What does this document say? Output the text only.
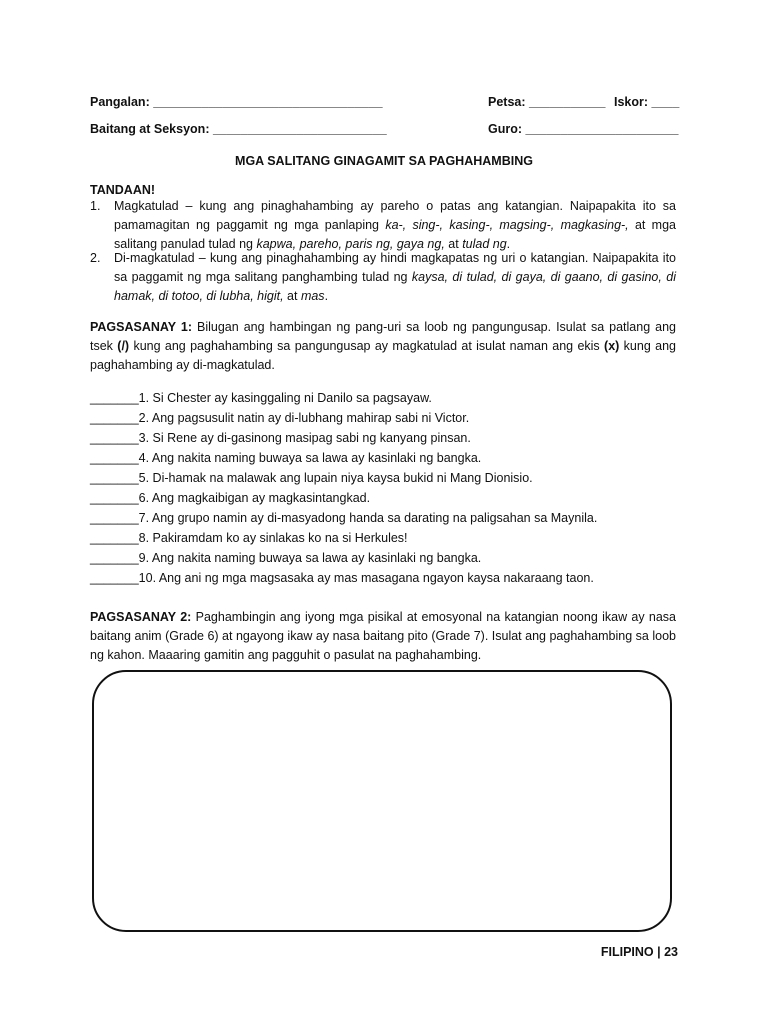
Pangalan: _________________________________	Petsa: ___________ Iskor: ____
Baitang at Seksyon: _________________________	Guro: ______________________
MGA SALITANG GINAGAMIT SA PAGHAHAMBING
TANDAAN!
1.	Magkatulad – kung ang pinaghahambing ay pareho o patas ang katangian. Naipapakita ito sa pamamagitan ng paggamit ng mga panlaping ka-, sing-, kasing-, magsing-, magkasing-, at mga salitang panulad tulad ng kapwa, pareho, paris ng, gaya ng, at tulad ng.
2.	Di-magkatulad – kung ang pinaghahambing ay hindi magkapatas ng uri o katangian. Naipapakita ito sa paggamit ng mga salitang panghambing tulad ng kaysa, di tulad, di gaya, di gaano, di gasino, di hamak, di totoo, di lubha, higit, at mas.
PAGSASANAY 1: Bilugan ang hambingan ng pang-uri sa loob ng pangungusap. Isulat sa patlang ang tsek (/) kung ang paghahambing sa pangungusap ay magkatulad at isulat naman ang ekis (x) kung ang paghahambing ay di-magkatulad.
_______1. Si Chester ay kasinggaling ni Danilo sa pagsayaw.
_______2. Ang pagsusulit natin ay di-lubhang mahirap sabi ni Victor.
_______3. Si Rene ay di-gasinong masipag sabi ng kanyang pinsan.
_______4. Ang nakita naming buwaya sa lawa ay kasinlaki ng bangka.
_______5. Di-hamak na malawak ang lupain niya kaysa bukid ni Mang Dionisio.
_______6. Ang magkaibigan ay magkasintangkad.
_______7. Ang grupo namin ay di-masyadong handa sa darating na paligsahan sa Maynila.
_______8. Pakiramdam ko ay sinlakas ko na si Herkules!
_______9. Ang nakita naming buwaya sa lawa ay kasinlaki ng bangka.
_______10. Ang ani ng mga magsasaka ay mas masagana ngayon kaysa nakaraang taon.
PAGSASANAY 2: Paghambingin ang iyong mga pisikal at emosyonal na katangian noong ikaw ay nasa baitang anim (Grade 6) at ngayong ikaw ay nasa baitang pito (Grade 7). Isulat ang paghahambing sa loob ng kahon. Maaaring gamitin ang pagguhit o pasulat na paghahambing.
FILIPINO | 23
